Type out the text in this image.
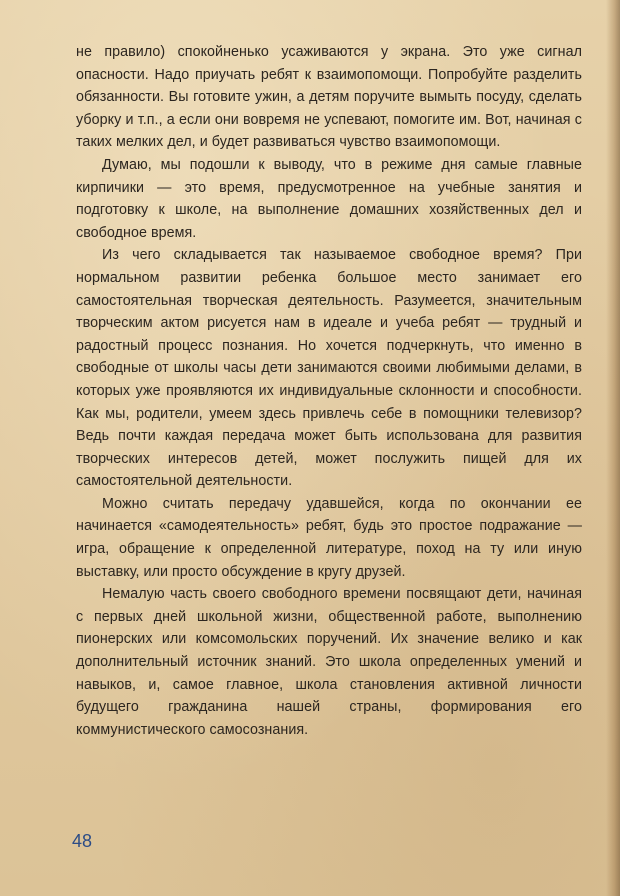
не правило) спокойненько усаживаются у экрана. Это уже сигнал опасности. Надо приучать ребят к взаимопомощи. Попробуйте разделить обязанности. Вы готовите ужин, а детям поручите вымыть посуду, сделать уборку и т.п., а если они вовремя не успевают, помогите им. Вот, начиная с таких мелких дел, и будет развиваться чувство взаимопомощи.

Думаю, мы подошли к выводу, что в режиме дня самые главные кирпичики — это время, предусмотренное на учебные занятия и подготовку к школе, на выполнение домашних хозяйственных дел и свободное время.

Из чего складывается так называемое свободное время? При нормальном развитии ребенка большое место занимает его самостоятельная творческая деятельность. Разумеется, значительным творческим актом рисуется нам в идеале и учеба ребят — трудный и радостный процесс познания. Но хочется подчеркнуть, что именно в свободные от школы часы дети занимаются своими любимыми делами, в которых уже проявляются их индивидуальные склонности и способности. Как мы, родители, умеем здесь привлечь себе в помощники телевизор? Ведь почти каждая передача может быть использована для развития творческих интересов детей, может послужить пищей для их самостоятельной деятельности.

Можно считать передачу удавшейся, когда по окончании ее начинается «самодеятельность» ребят, будь это простое подражание — игра, обращение к определенной литературе, поход на ту или иную выставку, или просто обсуждение в кругу друзей.

Немалую часть своего свободного времени посвящают дети, начиная с первых дней школьной жизни, общественной работе, выполнению пионерских или комсомольских поручений. Их значение велико и как дополнительный источник знаний. Это школа определенных умений и навыков, и, самое главное, школа становления активной личности будущего гражданина нашей страны, формирования его коммунистического самосознания.

48
